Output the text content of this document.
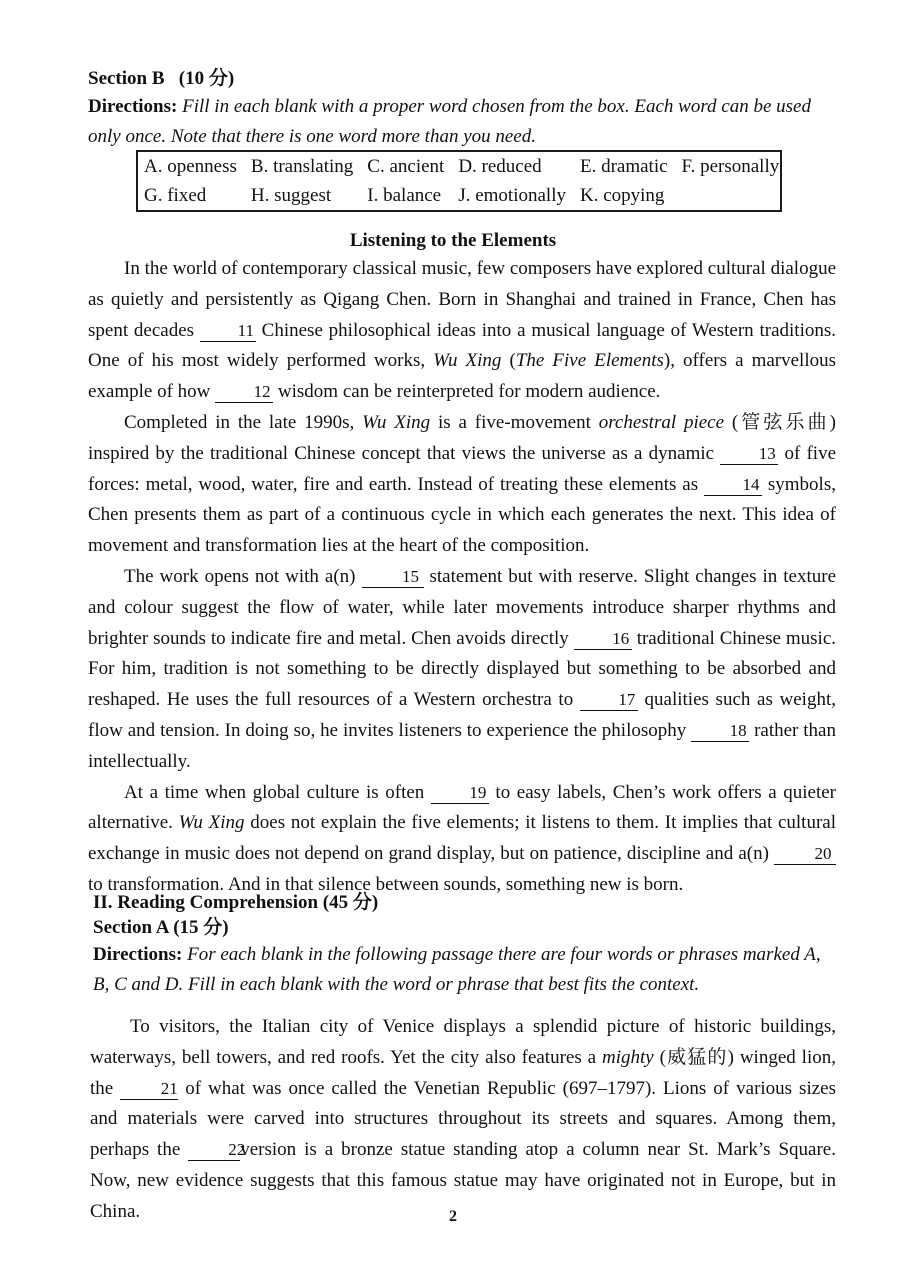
Section B (10 分)
Directions: Fill in each blank with a proper word chosen from the box. Each word can be used only once. Note that there is one word more than you need.
A. openness	B. translating	C. ancient	D. reduced	E. dramatic	F. personally
G. fixed	H. suggest	I. balance	J. emotionally	K. copying	
Listening to the Elements

In the world of contemporary classical music, few composers have explored cultural dialogue as quietly and persistently as Qigang Chen. Born in Shanghai and trained in France, Chen has spent decades 11 Chinese philosophical ideas into a musical language of Western traditions. One of his most widely performed works, Wu Xing (The Five Elements), offers a marvellous example of how 12 wisdom can be reinterpreted for modern audience.

Completed in the late 1990s, Wu Xing is a five-movement orchestral piece (管弦乐曲) inspired by the traditional Chinese concept that views the universe as a dynamic 13 of five forces: metal, wood, water, fire and earth. Instead of treating these elements as 14 symbols, Chen presents them as part of a continuous cycle in which each generates the next. This idea of movement and transformation lies at the heart of the composition.

The work opens not with a(n) 15 statement but with reserve. Slight changes in texture and colour suggest the flow of water, while later movements introduce sharper rhythms and brighter sounds to indicate fire and metal. Chen avoids directly 16 traditional Chinese music. For him, tradition is not something to be directly displayed but something to be absorbed and reshaped. He uses the full resources of a Western orchestra to 17 qualities such as weight, flow and tension. In doing so, he invites listeners to experience the philosophy 18 rather than intellectually.

At a time when global culture is often 19 to easy labels, Chen’s work offers a quieter alternative. Wu Xing does not explain the five elements; it listens to them. It implies that cultural exchange in music does not depend on grand display, but on patience, discipline and a(n) 20 to transformation. And in that silence between sounds, something new is born.

II. Reading Comprehension (45 分)
Section A (15 分)
Directions: For each blank in the following passage there are four words or phrases marked A, B, C and D. Fill in each blank with the word or phrase that best fits the context.

To visitors, the Italian city of Venice displays a splendid picture of historic buildings, waterways, bell towers, and red roofs. Yet the city also features a mighty (威猛的) winged lion, the 21 of what was once called the Venetian Republic (697–1797). Lions of various sizes and materials were carved into structures throughout its streets and squares. Among them, perhaps the 22version is a bronze statue standing atop a column near St. Mark’s Square. Now, new evidence suggests that this famous statue may have originated not in Europe, but in China.	2
